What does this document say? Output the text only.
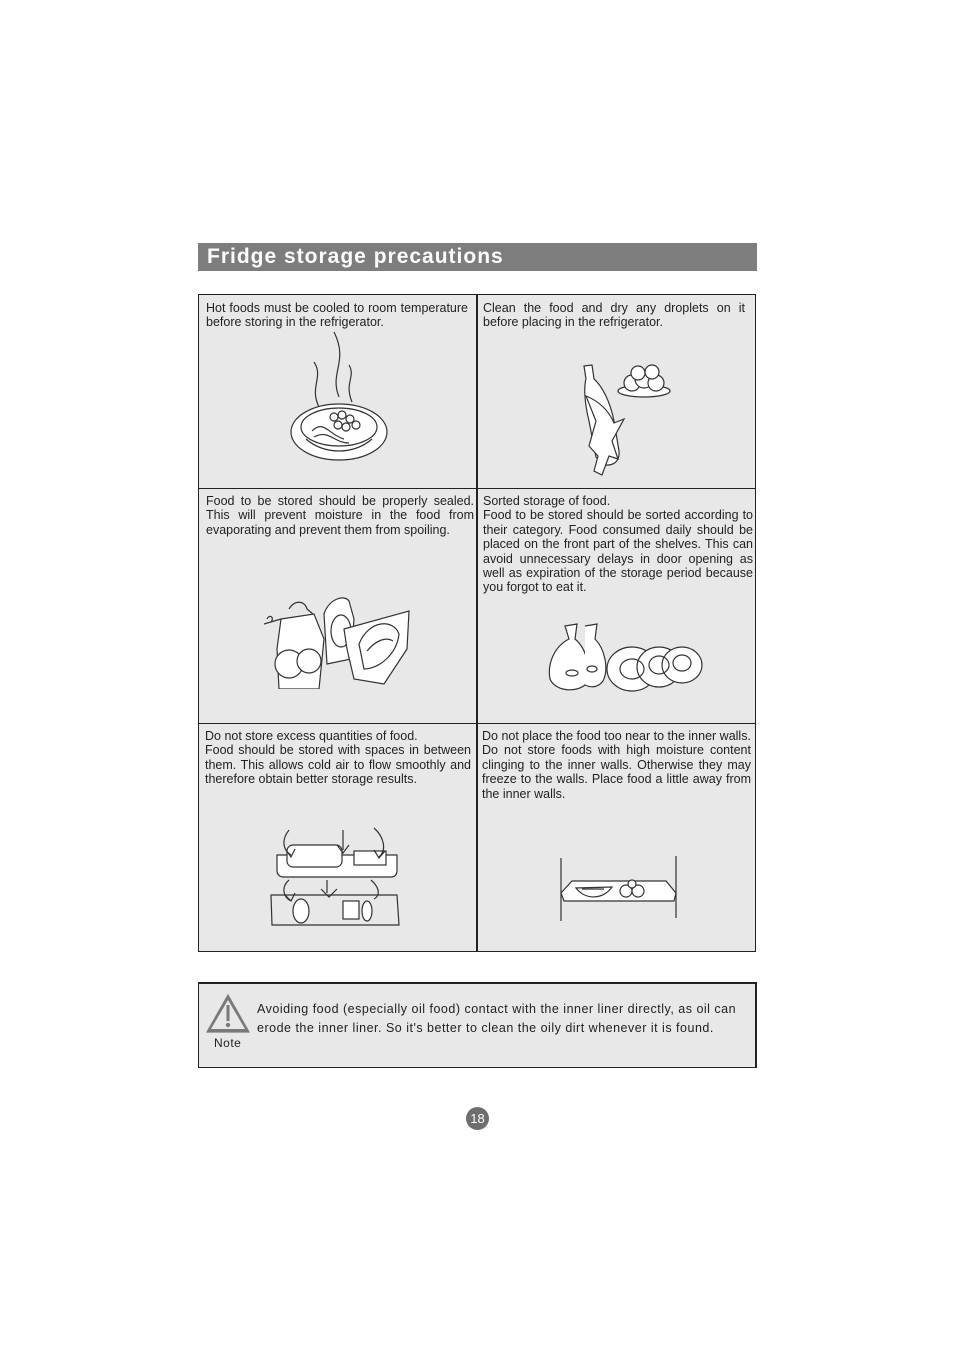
Fridge storage precautions

Hot foods must be cooled to room temperature before storing in the refrigerator.

Clean the food and dry any droplets on it before placing in the refrigerator.

Food to be stored should be properly sealed. This will prevent moisture in the food from evaporating and prevent them from spoiling.

Sorted storage of food.

Food to be stored should be sorted according to their category. Food consumed daily should be placed on the front part of the shelves. This can avoid unnecessary delays in door opening as well as expiration of the storage period because you forgot to eat it.

Do not store excess quantities of food.

Food should be stored with spaces in between them. This allows cold air to flow smoothly and therefore obtain better storage results.

Do not place the food too near to the inner walls.

Do not store foods with high moisture content clinging to the inner walls. Otherwise they may freeze to the walls. Place food a little away from the inner walls.

Avoiding food (especially oil food) contact with the inner liner directly, as oil can erode the inner liner. So it's better to clean the oily dirt whenever it is found.
Note
18
